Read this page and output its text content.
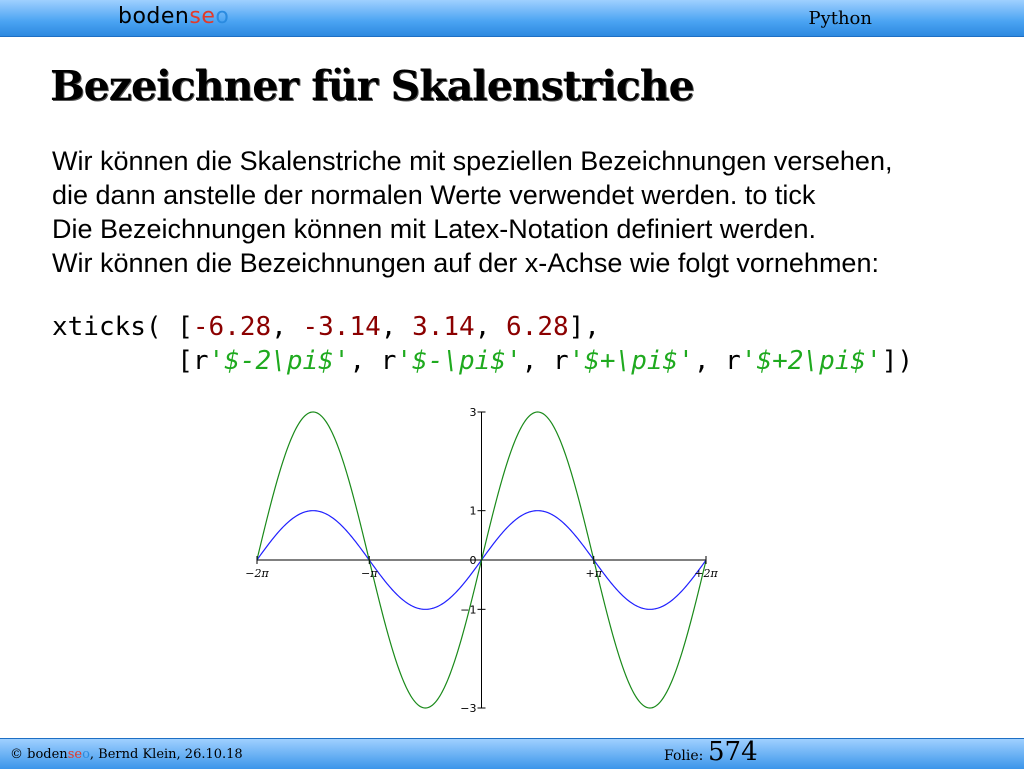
bodenseo	Python
Bezeichner für Skalenstriche
Wir können die Skalenstriche mit speziellen Bezeichnungen versehen,
die dann anstelle der normalen Werte verwendet werden. to tick
Die Bezeichnungen können mit Latex-Notation definiert werden.
Wir können die Bezeichnungen auf der x-Achse wie folgt vornehmen:
xticks( [-6.28, -3.14, 3.14, 6.28],
[r'$-2\pi$', r'$-\pi$', r'$+\pi$', r'$+2\pi$'])
−2π	−π	+π	+2π
−3
−1
0
1
3
© bodenseo, Bernd Klein, 26.10.18	Folie: 574
